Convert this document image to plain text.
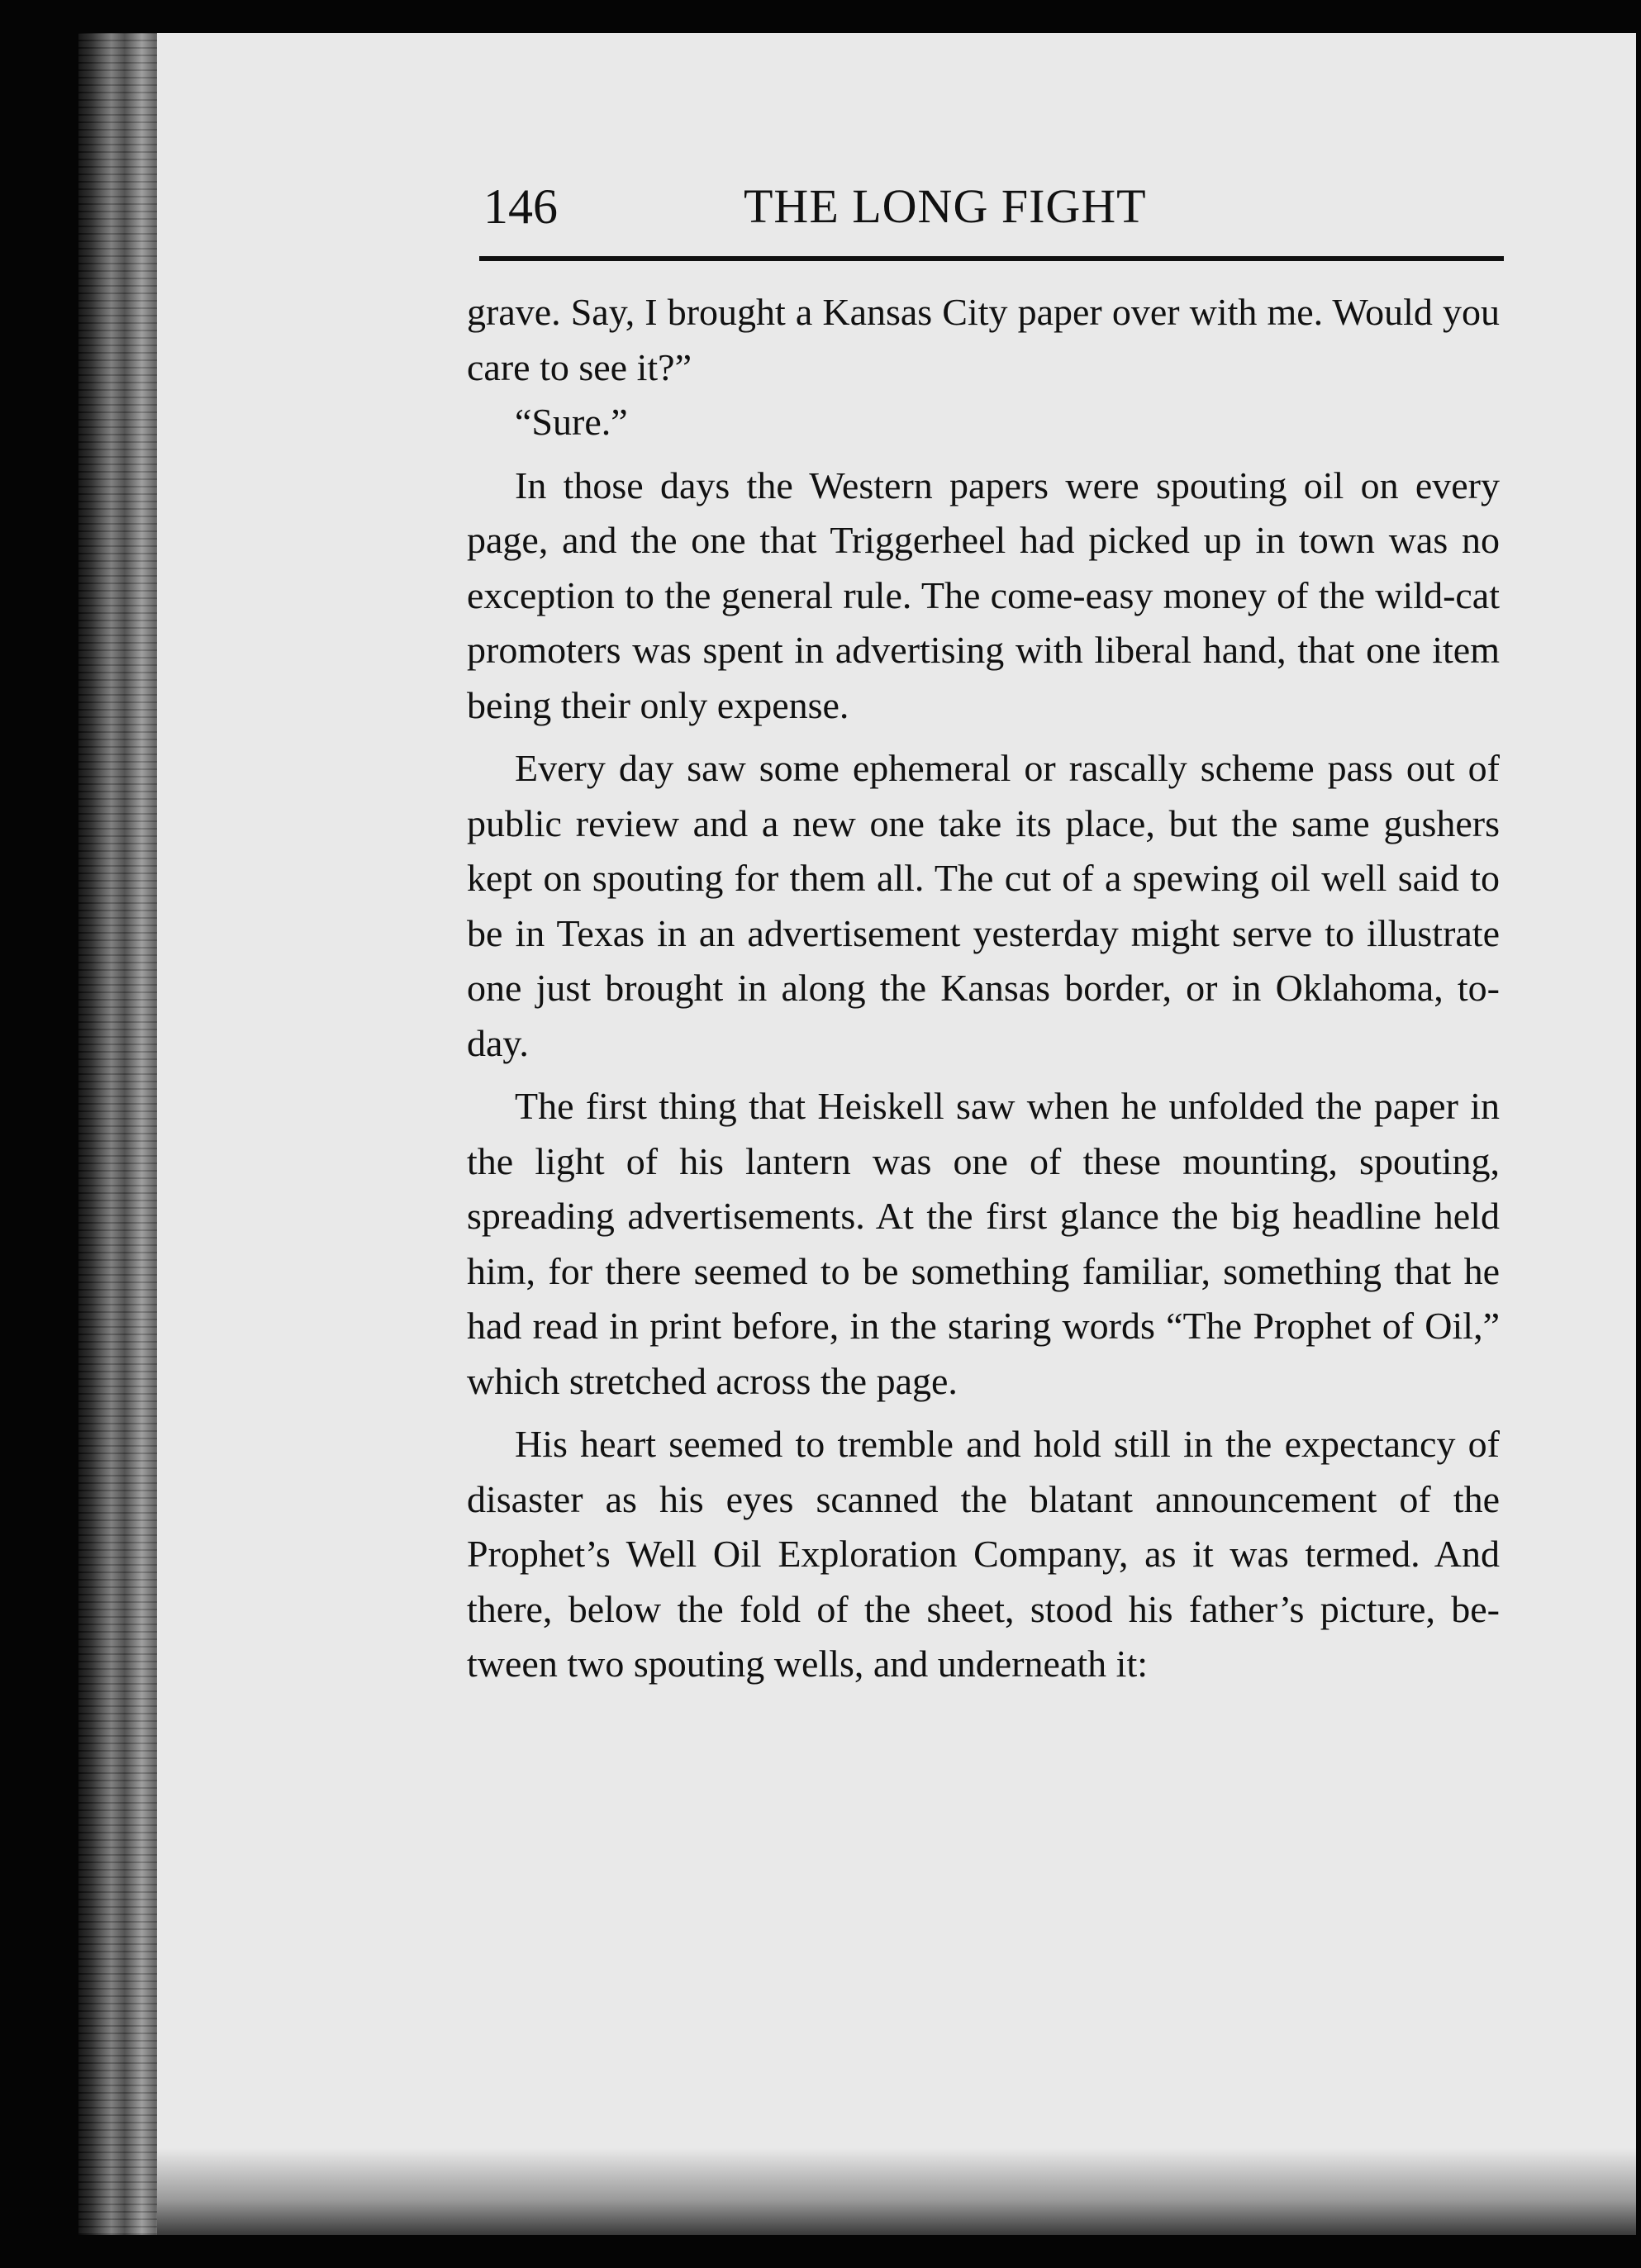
146	THE LONG FIGHT

grave. Say, I brought a Kansas City paper over with me. Would you care to see it?”

“Sure.”

In those days the Western papers were spouting oil on every page, and the one that Triggerheel had picked up in town was no exception to the general rule. The come-easy money of the wild-cat promoters was spent in advertising with liberal hand, that one item being their only expense.

Every day saw some ephemeral or rascally scheme pass out of public review and a new one take its place, but the same gushers kept on spouting for them all. The cut of a spewing oil well said to be in Texas in an advertisement yesterday might serve to illustrate one just brought in along the Kansas border, or in Oklahoma, to-day.

The first thing that Heiskell saw when he unfolded the paper in the light of his lantern was one of these mounting, spouting, spreading advertisements. At the first glance the big headline held him, for there seemed to be something familiar, something that he had read in print before, in the staring words “The Prophet of Oil,” which stretched across the page.

His heart seemed to tremble and hold still in the expectancy of disaster as his eyes scanned the blatant announcement of the Prophet’s Well Oil Exploration Company, as it was termed. And there, below the fold of the sheet, stood his father’s picture, between two spouting wells, and underneath it:
